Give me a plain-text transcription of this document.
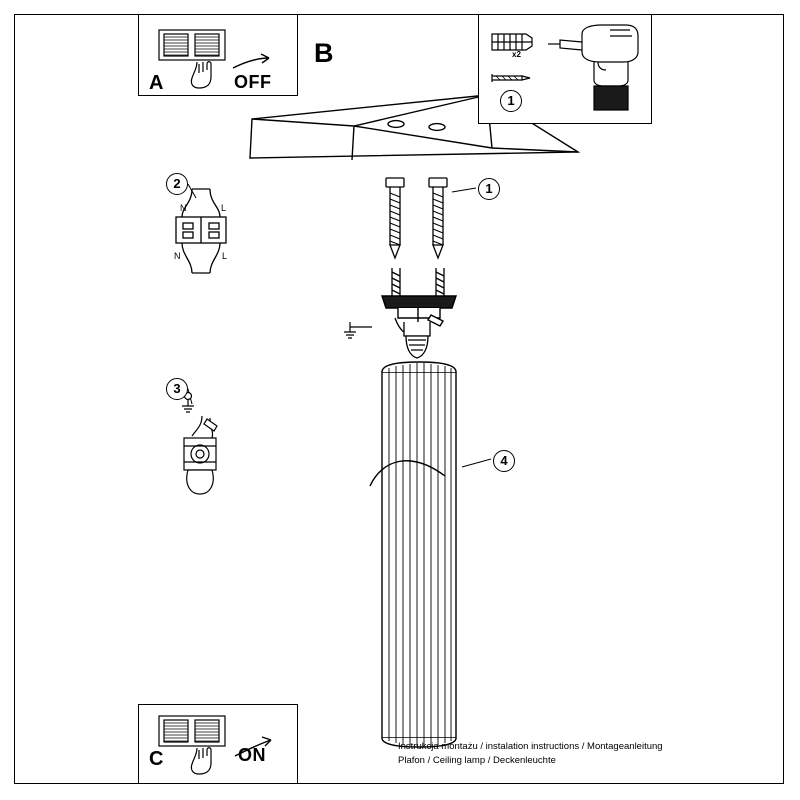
N	L
N	L
A	OFF
C	ON
x2
B
1
1
2
3
4
Instrukcja montażu / instalation instructions / Montageanleitung
Plafon / Ceiling lamp / Deckenleuchte
